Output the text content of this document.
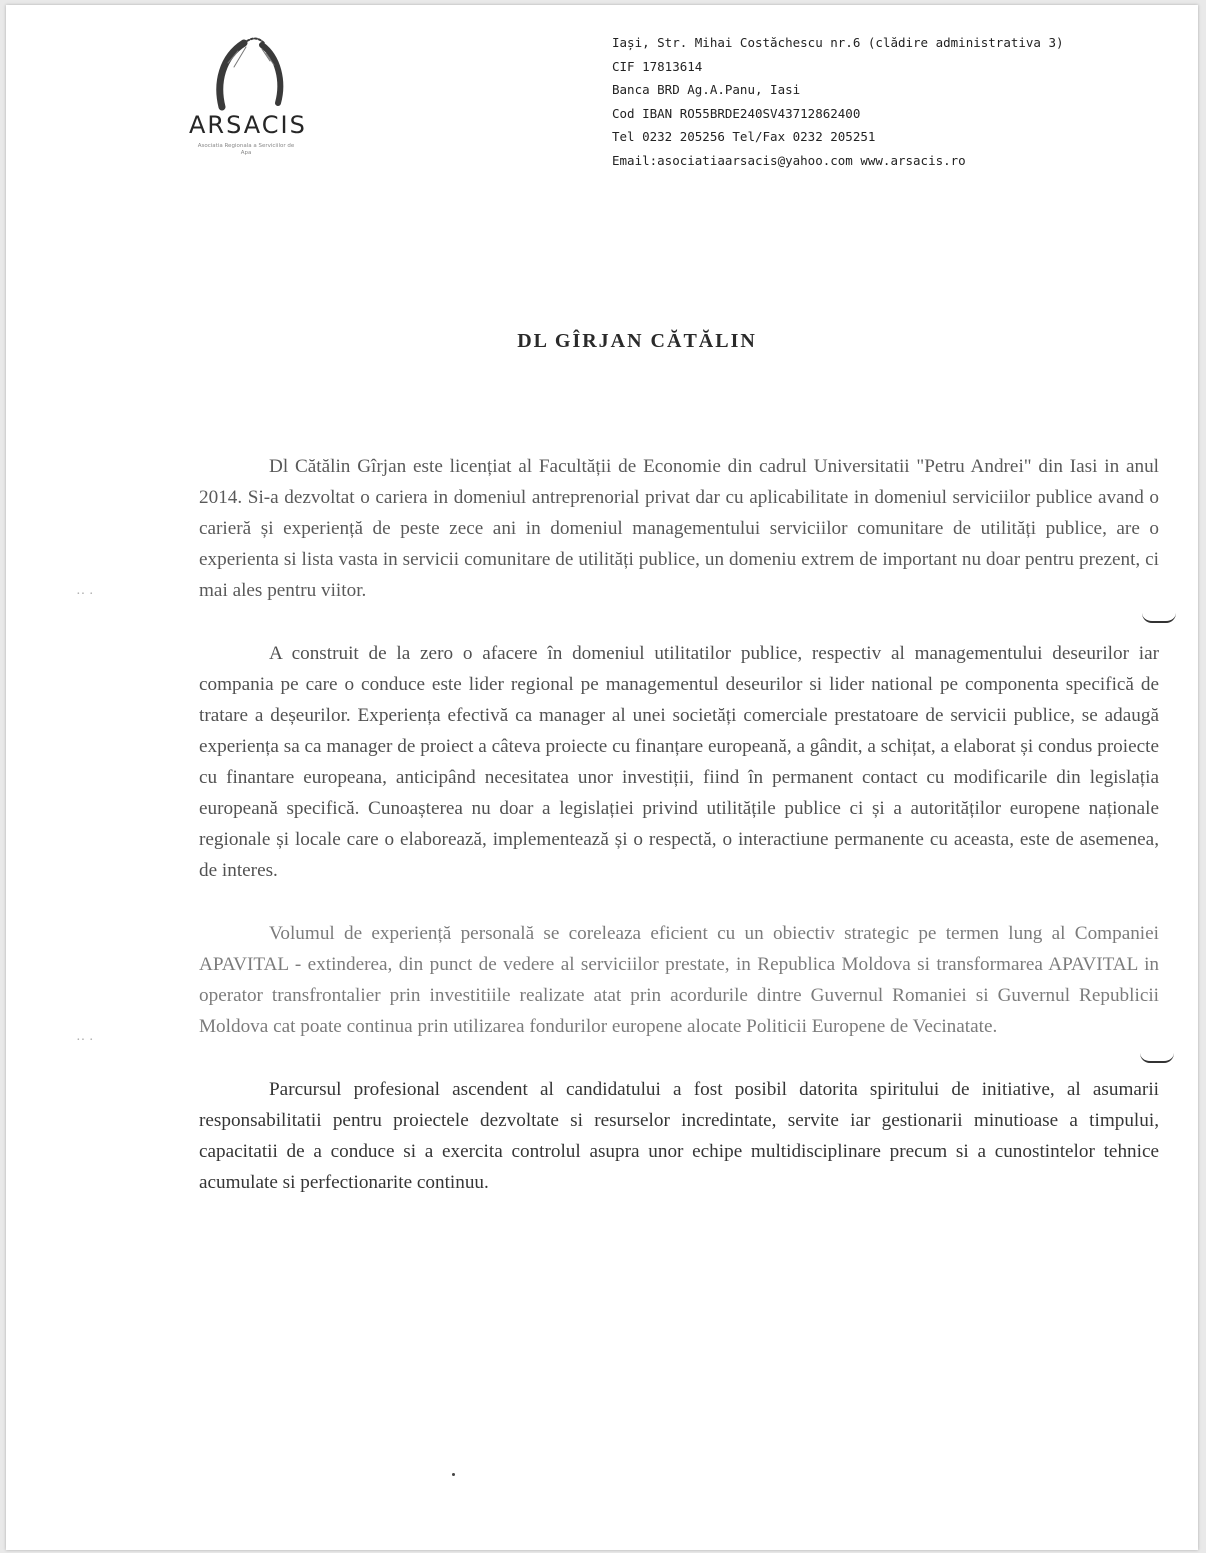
ARSACIS
Asociatia Regionala a Serviciilor de Apa
Iași, Str. Mihai Costăchescu nr.6 (clădire administrativa 3)
CIF 17813614
Banca BRD Ag.A.Panu, Iasi
Cod IBAN RO55BRDE240SV43712862400
Tel 0232 205256 Tel/Fax 0232 205251
Email:asociatiaarsacis@yahoo.com www.arsacis.ro
DL GÎRJAN CĂTĂLIN

Dl Cătălin Gîrjan este licențiat al Facultății de Economie din cadrul Universitatii "Petru Andrei" din Iasi in anul 2014. Si-a dezvoltat o cariera in domeniul antreprenorial privat dar cu aplicabilitate in domeniul serviciilor publice avand o carieră și experiență de peste zece ani in domeniul managementului serviciilor comunitare de utilități publice, are o experienta si lista vasta in servicii comunitare de utilități publice, un domeniu extrem de important nu doar pentru prezent, ci mai ales pentru viitor.

A construit de la zero o afacere în domeniul utilitatilor publice, respectiv al managementului deseurilor iar compania pe care o conduce este lider regional pe managementul deseurilor si lider national pe componenta specifică de tratare a deșeurilor. Experiența efectivă ca manager al unei societăți comerciale prestatoare de servicii publice, se adaugă experiența sa ca manager de proiect a câteva proiecte cu finanțare europeană, a gândit, a schițat, a elaborat și condus proiecte cu finantare europeana, anticipând necesitatea unor investiții, fiind în permanent contact cu modificarile din legislația europeană specifică. Cunoașterea nu doar a legislației privind utilitățile publice ci și a autorităților europene naționale regionale și locale care o elaborează, implementează și o respectă, o interactiune permanente cu aceasta, este de asemenea, de interes.

Volumul de experiență personală se coreleaza eficient cu un obiectiv strategic pe termen lung al Companiei APAVITAL - extinderea, din punct de vedere al serviciilor prestate, in Republica Moldova si transformarea APAVITAL in operator transfrontalier prin investitiile realizate atat prin acordurile dintre Guvernul Romaniei si Guvernul Republicii Moldova cat poate continua prin utilizarea fondurilor europene alocate Politicii Europene de Vecinatate.

Parcursul profesional ascendent al candidatului a fost posibil datorita spiritului de initiative, al asumarii responsabilitatii pentru proiectele dezvoltate si resurselor incredintate, servite iar gestionarii minutioase a timpului, capacitatii de a conduce si a exercita controlul asupra unor echipe multidisciplinare precum si a cunostintelor tehnice acumulate si perfectionarite continuu.

·· ·
·· ·
